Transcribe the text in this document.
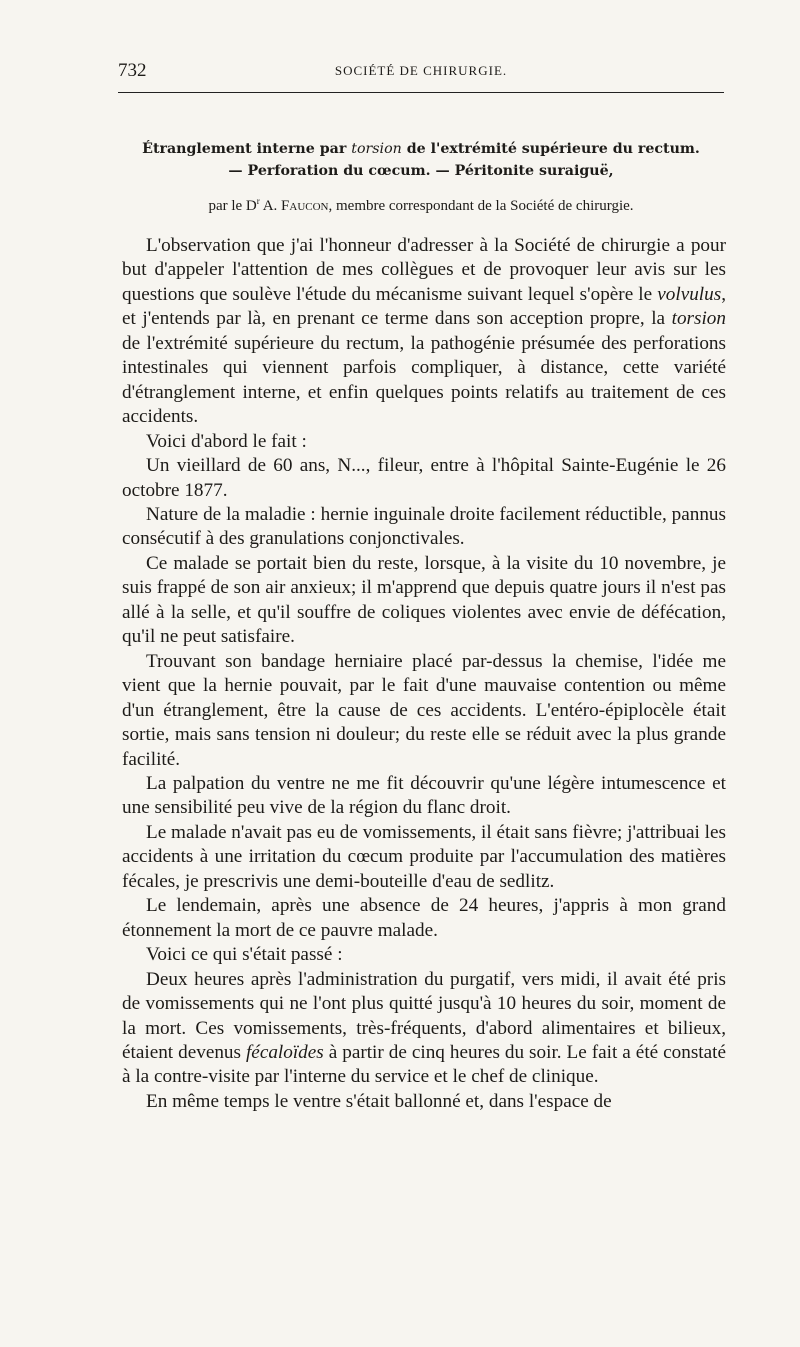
732	SOCIÉTÉ DE CHIRURGIE.
Étranglement interne par torsion de l'extrémité supérieure du rectum.
— Perforation du cœcum. — Péritonite suraiguë,
par le $D^r$ A. Faucon, membre correspondant de la Société de chirurgie.

L'observation que j'ai l'honneur d'adresser à la Société de chirurgie a pour but d'appeler l'attention de mes collègues et de provoquer leur avis sur les questions que soulève l'étude du mécanisme suivant lequel s'opère le volvulus, et j'entends par là, en prenant ce terme dans son acception propre, la torsion de l'extrémité supérieure du rectum, la pathogénie présumée des perforations intestinales qui viennent parfois compliquer, à distance, cette variété d'étranglement interne, et enfin quelques points relatifs au traitement de ces accidents.

Voici d'abord le fait :

Un vieillard de 60 ans, N..., fileur, entre à l'hôpital Sainte-Eugénie le 26 octobre 1877.

Nature de la maladie : hernie inguinale droite facilement réductible, pannus consécutif à des granulations conjonctivales.

Ce malade se portait bien du reste, lorsque, à la visite du 10 novembre, je suis frappé de son air anxieux; il m'apprend que depuis quatre jours il n'est pas allé à la selle, et qu'il souffre de coliques violentes avec envie de défécation, qu'il ne peut satisfaire.

Trouvant son bandage herniaire placé par-dessus la chemise, l'idée me vient que la hernie pouvait, par le fait d'une mauvaise contention ou même d'un étranglement, être la cause de ces accidents. L'entéro-épiplocèle était sortie, mais sans tension ni douleur; du reste elle se réduit avec la plus grande facilité.

La palpation du ventre ne me fit découvrir qu'une légère intumescence et une sensibilité peu vive de la région du flanc droit.

Le malade n'avait pas eu de vomissements, il était sans fièvre; j'attribuai les accidents à une irritation du cœcum produite par l'accumulation des matières fécales, je prescrivis une demi-bouteille d'eau de sedlitz.

Le lendemain, après une absence de 24 heures, j'appris à mon grand étonnement la mort de ce pauvre malade.

Voici ce qui s'était passé :

Deux heures après l'administration du purgatif, vers midi, il avait été pris de vomissements qui ne l'ont plus quitté jusqu'à 10 heures du soir, moment de la mort. Ces vomissements, très-fréquents, d'abord alimentaires et bilieux, étaient devenus fécaloïdes à partir de cinq heures du soir. Le fait a été constaté à la contre-visite par l'interne du service et le chef de clinique.

En même temps le ventre s'était ballonné et, dans l'espace de
